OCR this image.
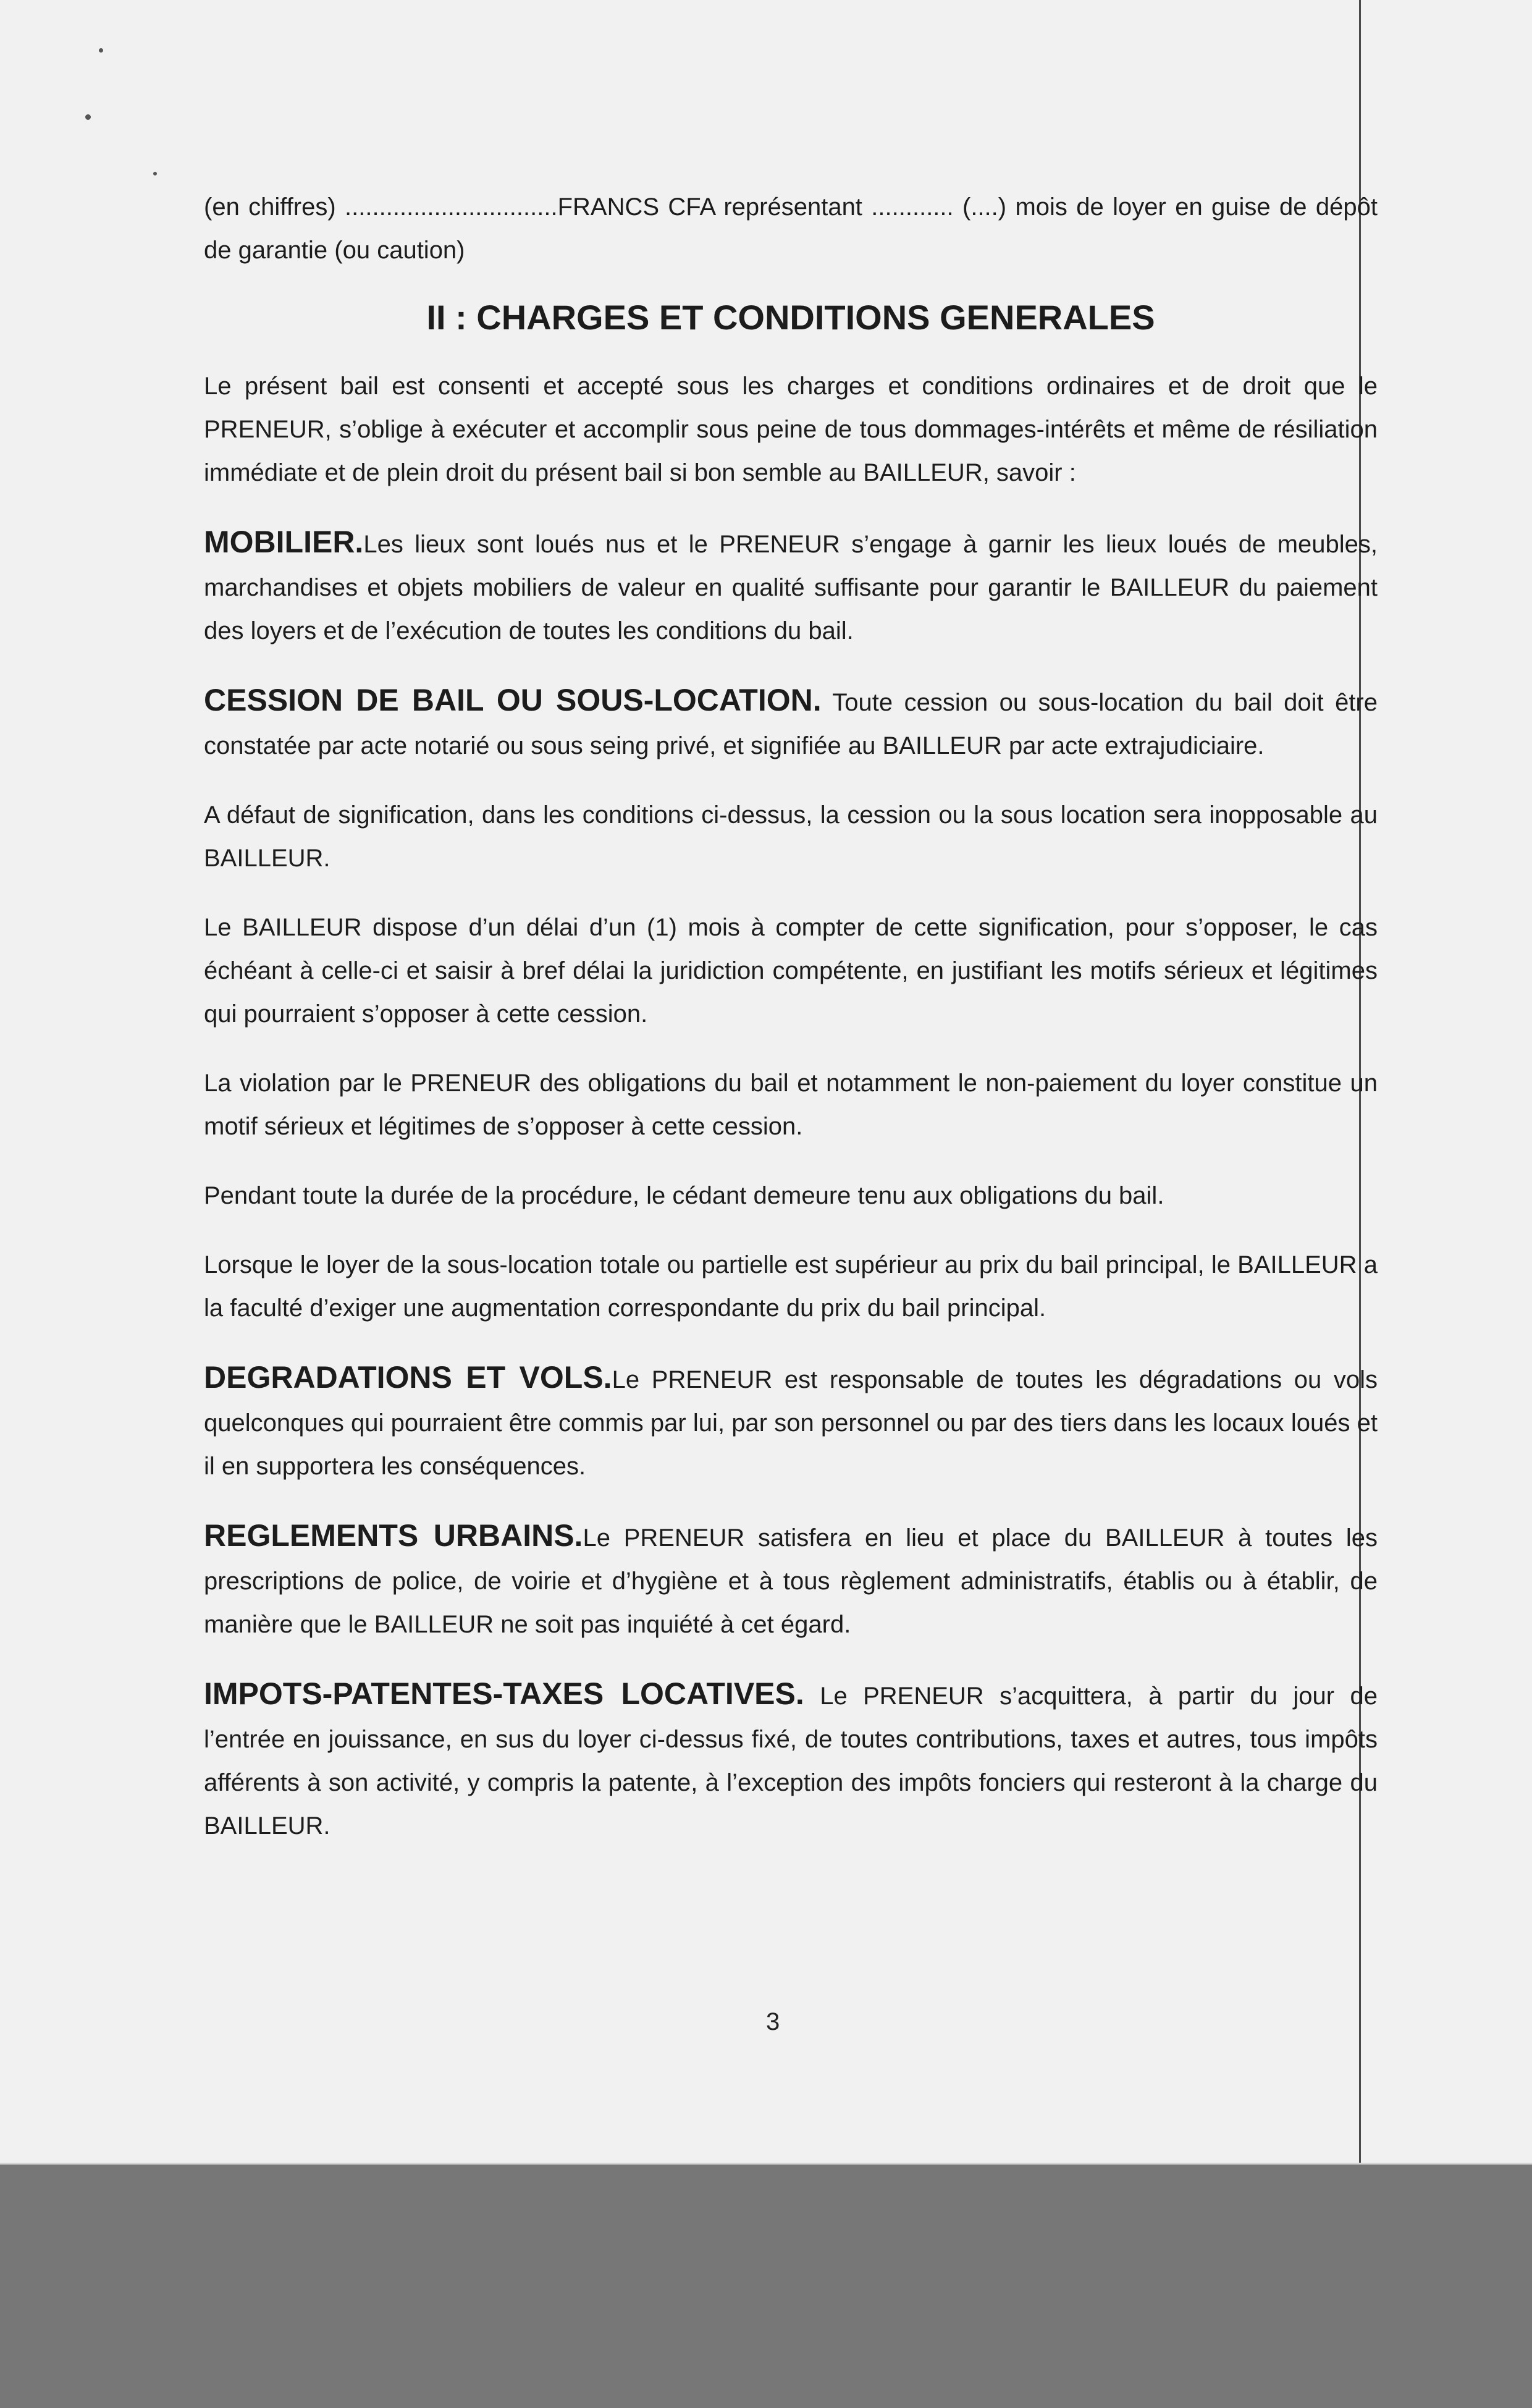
(en chiffres) ...............................FRANCS CFA représentant ............ (....) mois de loyer en guise de dépôt de garantie (ou caution)

II : CHARGES ET CONDITIONS GENERALES

Le présent bail est consenti et accepté sous les charges et conditions ordinaires et de droit que le PRENEUR, s’oblige à exécuter et accomplir sous peine de tous dommages-intérêts et même de résiliation immédiate et de plein droit du présent bail si bon semble au BAILLEUR, savoir :

MOBILIER.Les lieux sont loués nus et le PRENEUR s’engage à garnir les lieux loués de meubles, marchandises et objets mobiliers de valeur en qualité suffisante pour garantir le BAILLEUR du paiement des loyers et de l’exécution de toutes les conditions du bail.

CESSION DE BAIL OU SOUS-LOCATION. Toute cession ou sous-location du bail doit être constatée par acte notarié ou sous seing privé, et signifiée au BAILLEUR par acte extrajudiciaire.

A défaut de signification, dans les conditions ci-dessus, la cession ou la sous location sera inopposable au BAILLEUR.

Le BAILLEUR dispose d’un délai d’un (1) mois à compter de cette signification, pour s’opposer, le cas échéant à celle-ci et saisir à bref délai la juridiction compétente, en justifiant les motifs sérieux et légitimes qui pourraient s’opposer à cette cession.

La violation par le PRENEUR des obligations du bail et notamment le non-paiement du loyer constitue un motif sérieux et légitimes de s’opposer à cette cession.

Pendant toute la durée de la procédure, le cédant demeure tenu aux obligations du bail.

Lorsque le loyer de la sous-location totale ou partielle est supérieur au prix du bail principal, le BAILLEUR a la faculté d’exiger une augmentation correspondante du prix du bail principal.

DEGRADATIONS ET VOLS.Le PRENEUR est responsable de toutes les dégradations ou vols quelconques qui pourraient être commis par lui, par son personnel ou par des tiers dans les locaux loués et il en supportera les conséquences.

REGLEMENTS URBAINS.Le PRENEUR satisfera en lieu et place du BAILLEUR à toutes les prescriptions de police, de voirie et d’hygiène et à tous règlement administratifs, établis ou à établir, de manière que le BAILLEUR ne soit pas inquiété à cet égard.

IMPOTS-PATENTES-TAXES LOCATIVES. Le PRENEUR s’acquittera, à partir du jour de l’entrée en jouissance, en sus du loyer ci-dessus fixé, de toutes contributions, taxes et autres, tous impôts afférents à son activité, y compris la patente, à l’exception des impôts fonciers qui resteront à la charge du BAILLEUR.

3
